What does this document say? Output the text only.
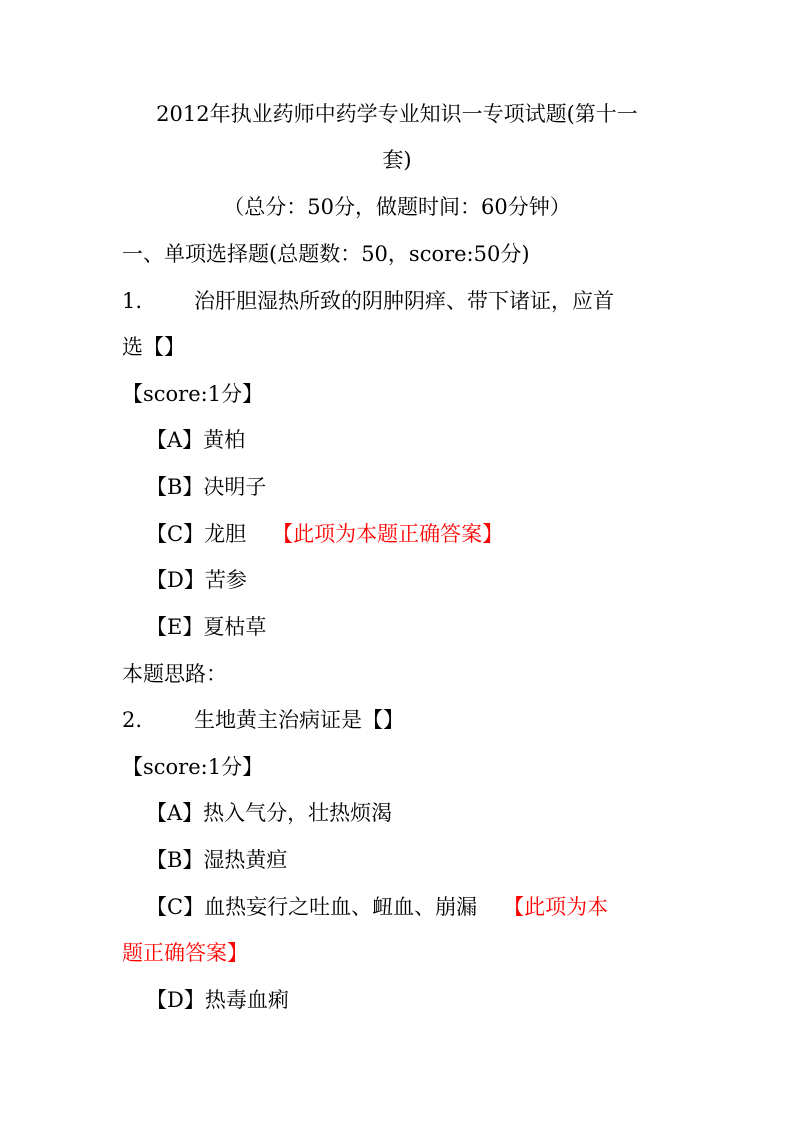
2012年执业药师中药学专业知识一专项试题(第十一
套)
（总分：50分，做题时间：60分钟）
一、单项选择题(总题数：50，score:50分)
1. 治肝胆湿热所致的阴肿阴痒、带下诸证，应首
选【】
【score:1分】
【A】黄柏
【B】决明子
【C】龙胆 【此项为本题正确答案】
【D】苦参
【E】夏枯草
本题思路：
2. 生地黄主治病证是【】
【score:1分】
【A】热入气分，壮热烦渴
【B】湿热黄疸
【C】血热妄行之吐血、衄血、崩漏 【此项为本
题正确答案】
【D】热毒血痢
